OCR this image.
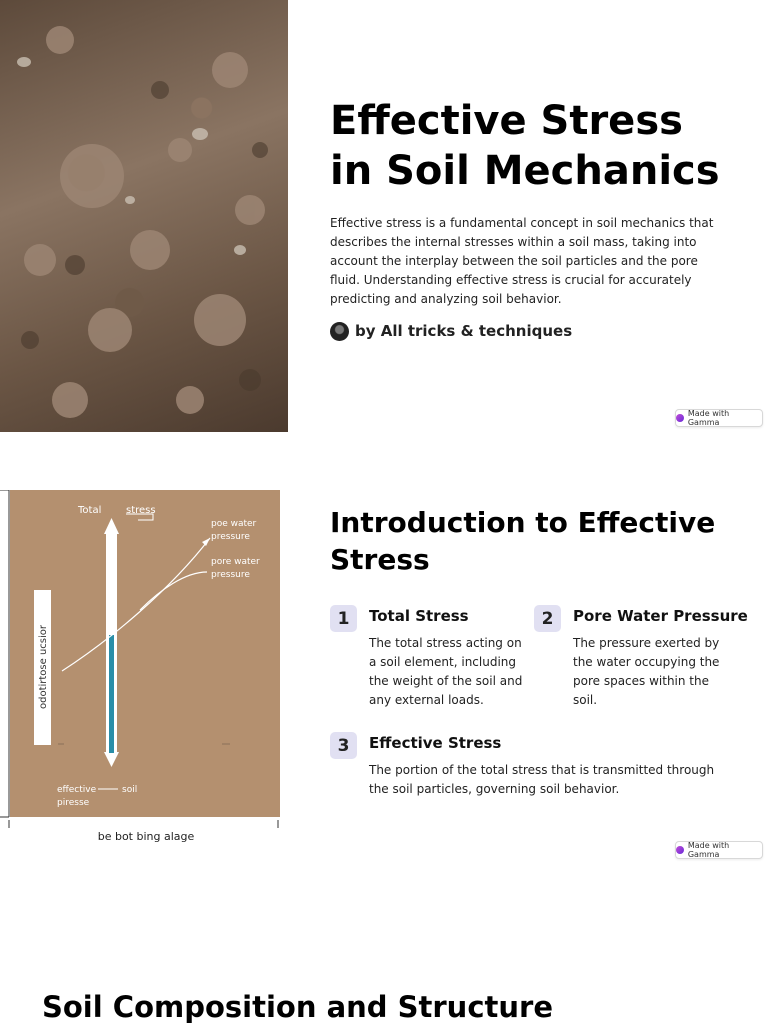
Effective Stress
in Soil Mechanics

Effective stress is a fundamental concept in soil mechanics that describes the internal stresses within a soil mass, taking into account the interplay between the soil particles and the pore fluid. Understanding effective stress is crucial for accurately predicting and analyzing soil behavior.

by All tricks & techniques
Made with Gamma
odotirtose ucsior
Total stress
poe water
pressure
pore water
pressure
effective
piresse
soil
be bot bing alage
Introduction to Effective Stress
1	Total Stress
The total stress acting on a soil element, including the weight of the soil and any external loads.
2	Pore Water Pressure
The pressure exerted by the water occupying the pore spaces within the soil.
3	Effective Stress
The portion of the total stress that is transmitted through the soil particles, governing soil behavior.
Made with Gamma
Soil Composition and Structure
